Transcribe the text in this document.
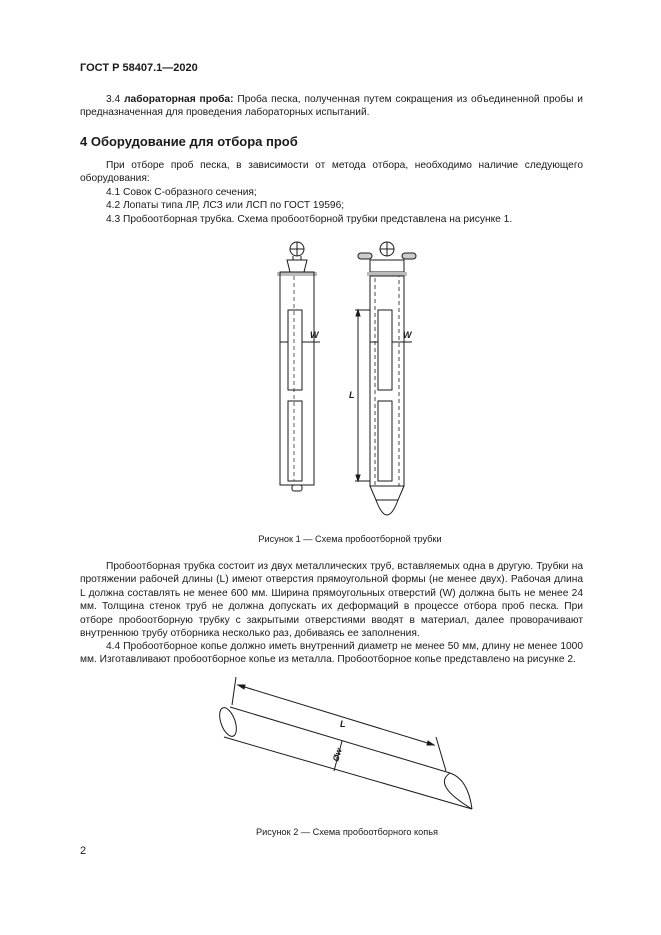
ГОСТ Р 58407.1—2020
3.4 лабораторная проба: Проба песка, полученная путем сокращения из объединенной пробы и предназначенная для проведения лабораторных испытаний.
4 Оборудование для отбора проб
При отборе проб песка, в зависимости от метода отбора, необходимо наличие следующего оборудования:

4.1 Совок С-образного сечения;

4.2 Лопаты типа ЛР, ЛСЗ или ЛСП по ГОСТ 19596;

4.3 Пробоотборная трубка. Схема пробоотборной трубки представлена на рисунке 1.

W	W
L
Рисунок 1 — Схема пробоотборной трубки
Пробоотборная трубка состоит из двух металлических труб, вставляемых одна в другую. Трубки на протяжении рабочей длины (L) имеют отверстия прямоугольной формы (не менее двух). Рабочая длина L должна составлять не менее 600 мм. Ширина прямоугольных отверстий (W) должна быть не менее 24 мм. Толщина стенок труб не должна допускать их деформаций в процессе отбора проб песка. При отборе пробоотборную трубку с закрытыми отверстиями вводят в материал, далее проворачивают внутреннюю трубу отборника несколько раз, добиваясь ее заполнения.
4.4 Пробоотборное копье должно иметь внутренний диаметр не менее 50 мм, длину не менее 1000 мм. Изготавливают пробоотборное копье из металла. Пробоотборное копье представлено на рисунке 2.
L
Øw
Рисунок 2 — Схема пробоотборного копья
2
